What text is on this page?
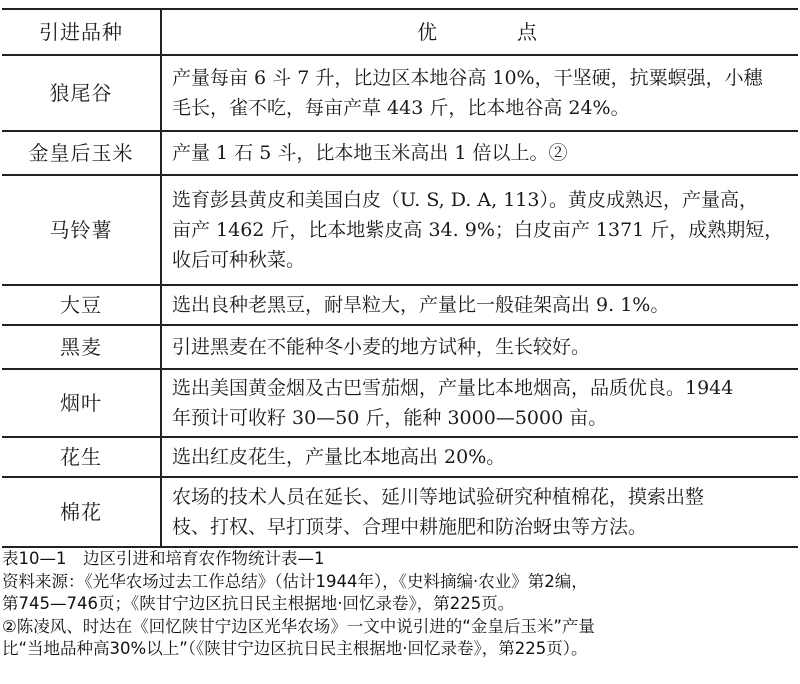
引进品种	优点
狼尾谷	产量每亩 6 斗 7 升，比边区本地谷高 10%，干坚硬，抗粟螟强，小穗
毛长，雀不吃，每亩产草 443 斤，比本地谷高 24%。

金皇后玉米	产量 1 石 5 斗，比本地玉米高出 1 倍以上。②

马铃薯	选育彭县黄皮和美国白皮（U. S, D. A, 113）。黄皮成熟迟，产量高，
亩产 1462 斤，比本地紫皮高 34. 9%；白皮亩产 1371 斤，成熟期短，
收后可种秋菜。

大豆	选出良种老黑豆，耐旱粒大，产量比一般硅架高出 9. 1%。

黑麦	引进黑麦在不能种冬小麦的地方试种，生长较好。

烟叶	选出美国黄金烟及古巴雪茄烟，产量比本地烟高，品质优良。1944
年预计可收籽 30—50 斤，能种 3000—5000 亩。

花生	选出红皮花生，产量比本地高出 20%。

棉花	农场的技术人员在延长、延川等地试验研究种植棉花，摸索出整
枝、打权、早打顶芽、合理中耕施肥和防治蚜虫等方法。
表10—1　边区引进和培育农作物统计表—1
资料来源：《光华农场过去工作总结》（估计1944年），《史料摘编·农业》第2编，
第745—746页；《陕甘宁边区抗日民主根据地·回忆录卷》，第225页。
②陈凌风、时达在《回忆陕甘宁边区光华农场》一文中说引进的“金皇后玉米”产量
比“当地品种高30%以上”（《陕甘宁边区抗日民主根据地·回忆录卷》，第225页）。
